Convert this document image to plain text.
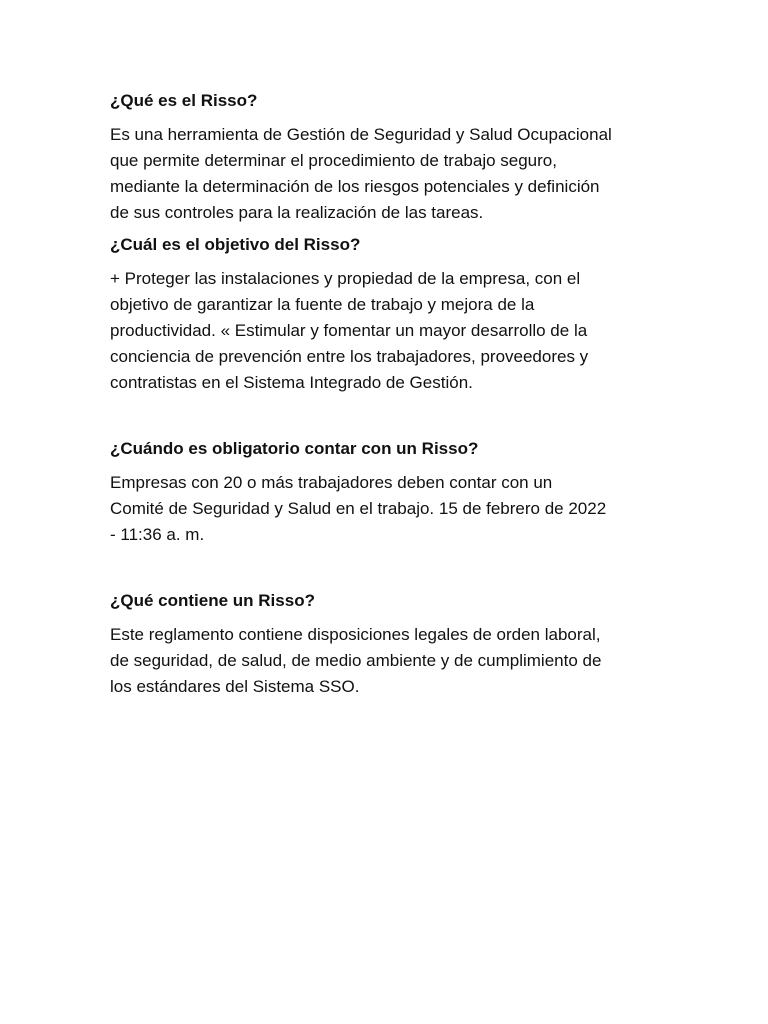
¿Qué es el Risso?

Es una herramienta de Gestión de Seguridad y Salud Ocupacional
que permite determinar el procedimiento de trabajo seguro,
mediante la determinación de los riesgos potenciales y definición
de sus controles para la realización de las tareas.

¿Cuál es el objetivo del Risso?

+ Proteger las instalaciones y propiedad de la empresa, con el
objetivo de garantizar la fuente de trabajo y mejora de la
productividad. « Estimular y fomentar un mayor desarrollo de la
conciencia de prevención entre los trabajadores, proveedores y
contratistas en el Sistema Integrado de Gestión.

¿Cuándo es obligatorio contar con un Risso?

Empresas con 20 o más trabajadores deben contar con un
Comité de Seguridad y Salud en el trabajo. 15 de febrero de 2022
- 11:36 a. m.

¿Qué contiene un Risso?

Este reglamento contiene disposiciones legales de orden laboral,
de seguridad, de salud, de medio ambiente y de cumplimiento de
los estándares del Sistema SSO.
